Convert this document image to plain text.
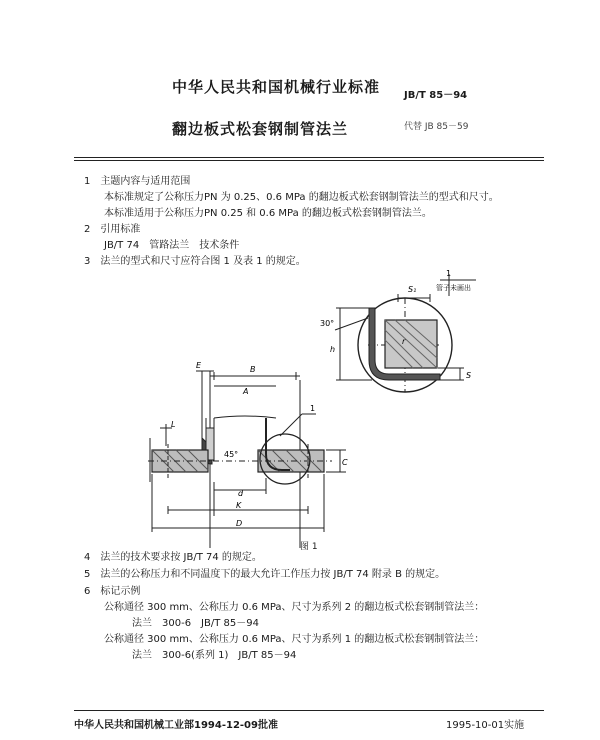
中华人民共和国机械行业标准 JB/T 85－94
翻边板式松套钢制管法兰	代替 JB 85－59
1　主题内容与适用范围
本标准规定了公称压力PN 为 0.25、0.6 MPa 的翻边板式松套钢制管法兰的型式和尺寸。
本标准适用于公称压力PN 0.25 和 0.6 MPa 的翻边板式松套钢制管法兰。
2　引用标准
JB/T 74　管路法兰　技术条件
3　法兰的型式和尺寸应符合图 1 及表 1 的规定。
30°
h
S₁
S
r
1
管子未画出
E	B
A
L
1
45°
d
K
D
C
图 1
4　法兰的技术要求按 JB/T 74 的规定。
5　法兰的公称压力和不同温度下的最大允许工作压力按 JB/T 74 附录 B 的规定。
6　标记示例
公称通径 300 mm、公称压力 0.6 MPa、尺寸为系列 2 的翻边板式松套钢制管法兰：
法兰　300-6　JB/T 85－94
公称通径 300 mm、公称压力 0.6 MPa、尺寸为系列 1 的翻边板式松套钢制管法兰：
法兰　300-6(系列 1)　JB/T 85－94
中华人民共和国机械工业部1994-12-09批准	1995-10-01实施
